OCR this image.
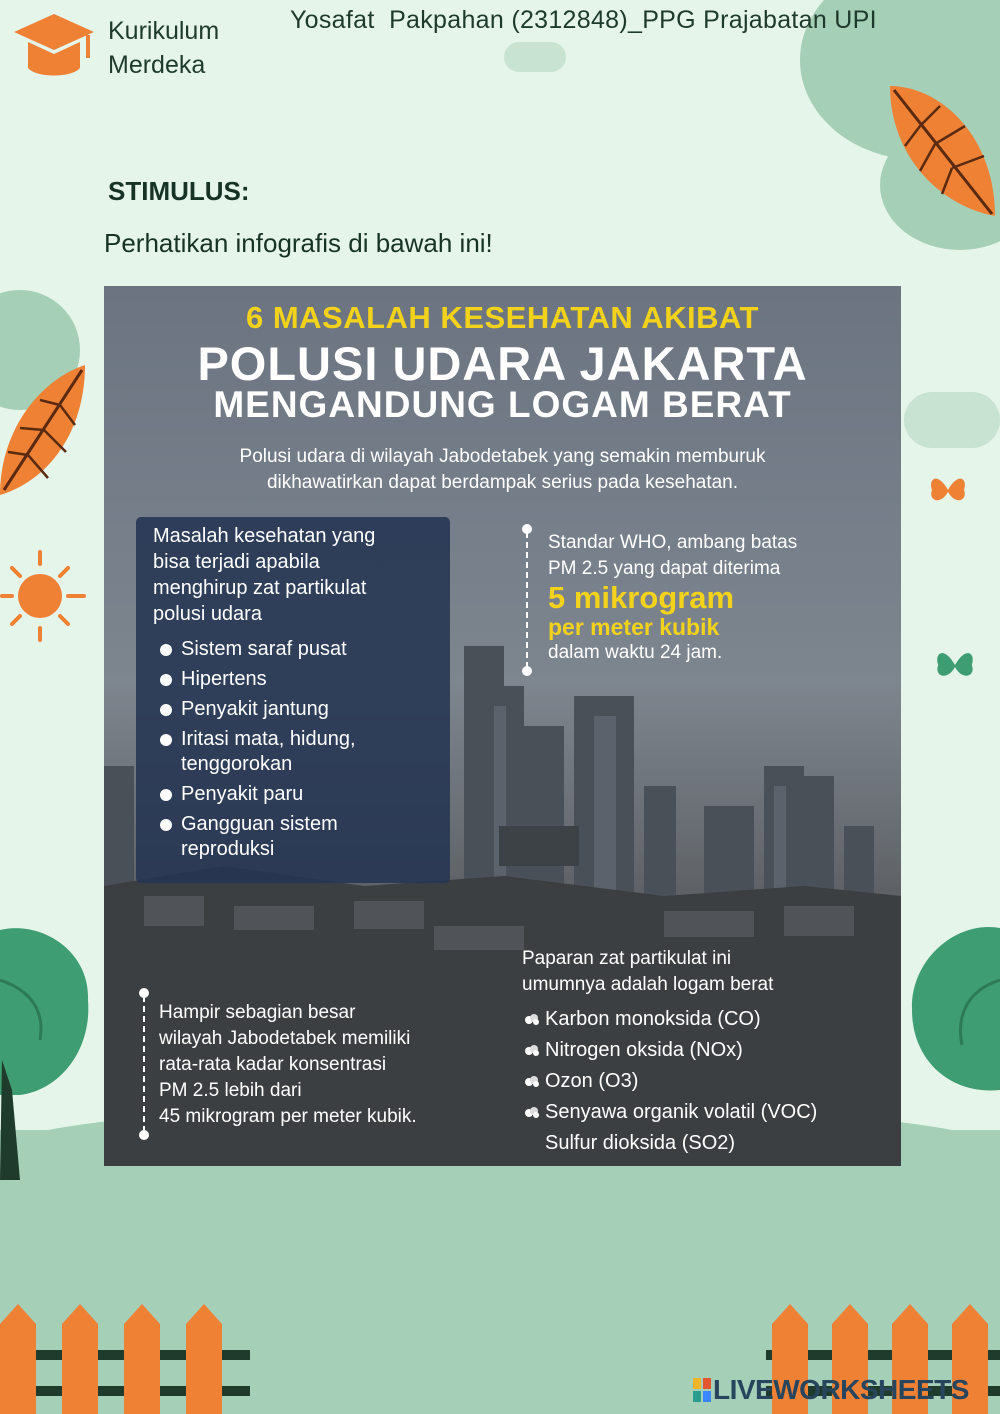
Kurikulum
Merdeka
Yosafat  Pakpahan (2312848)_PPG Prajabatan UPI
STIMULUS:
Perhatikan infografis di bawah ini!
6 MASALAH KESEHATAN AKIBAT
POLUSI UDARA JAKARTA
MENGANDUNG LOGAM BERAT
Polusi udara di wilayah Jabodetabek yang semakin memburuk
dikhawatirkan dapat berdampak serius pada kesehatan.
Masalah kesehatan yang
bisa terjadi apabila
menghirup zat partikulat
polusi udara
Sistem saraf pusat
Hipertens
Penyakit jantung
Iritasi mata, hidung,
tenggorokan
Penyakit paru
Gangguan sistem
reproduksi
Standar WHO, ambang batas
PM 2.5 yang dapat diterima
5 mikrogram
per meter kubik
dalam waktu 24 jam.
Hampir sebagian besar
wilayah Jabodetabek memiliki
rata-rata kadar konsentrasi
PM 2.5 lebih dari
45 mikrogram per meter kubik.
Paparan zat partikulat ini
umumnya adalah logam berat
Karbon monoksida (CO)
Nitrogen oksida (NOx)
Ozon (O3)
Senyawa organik volatil (VOC)
Sulfur dioksida (SO2)
LIVEWORKSHEETS
